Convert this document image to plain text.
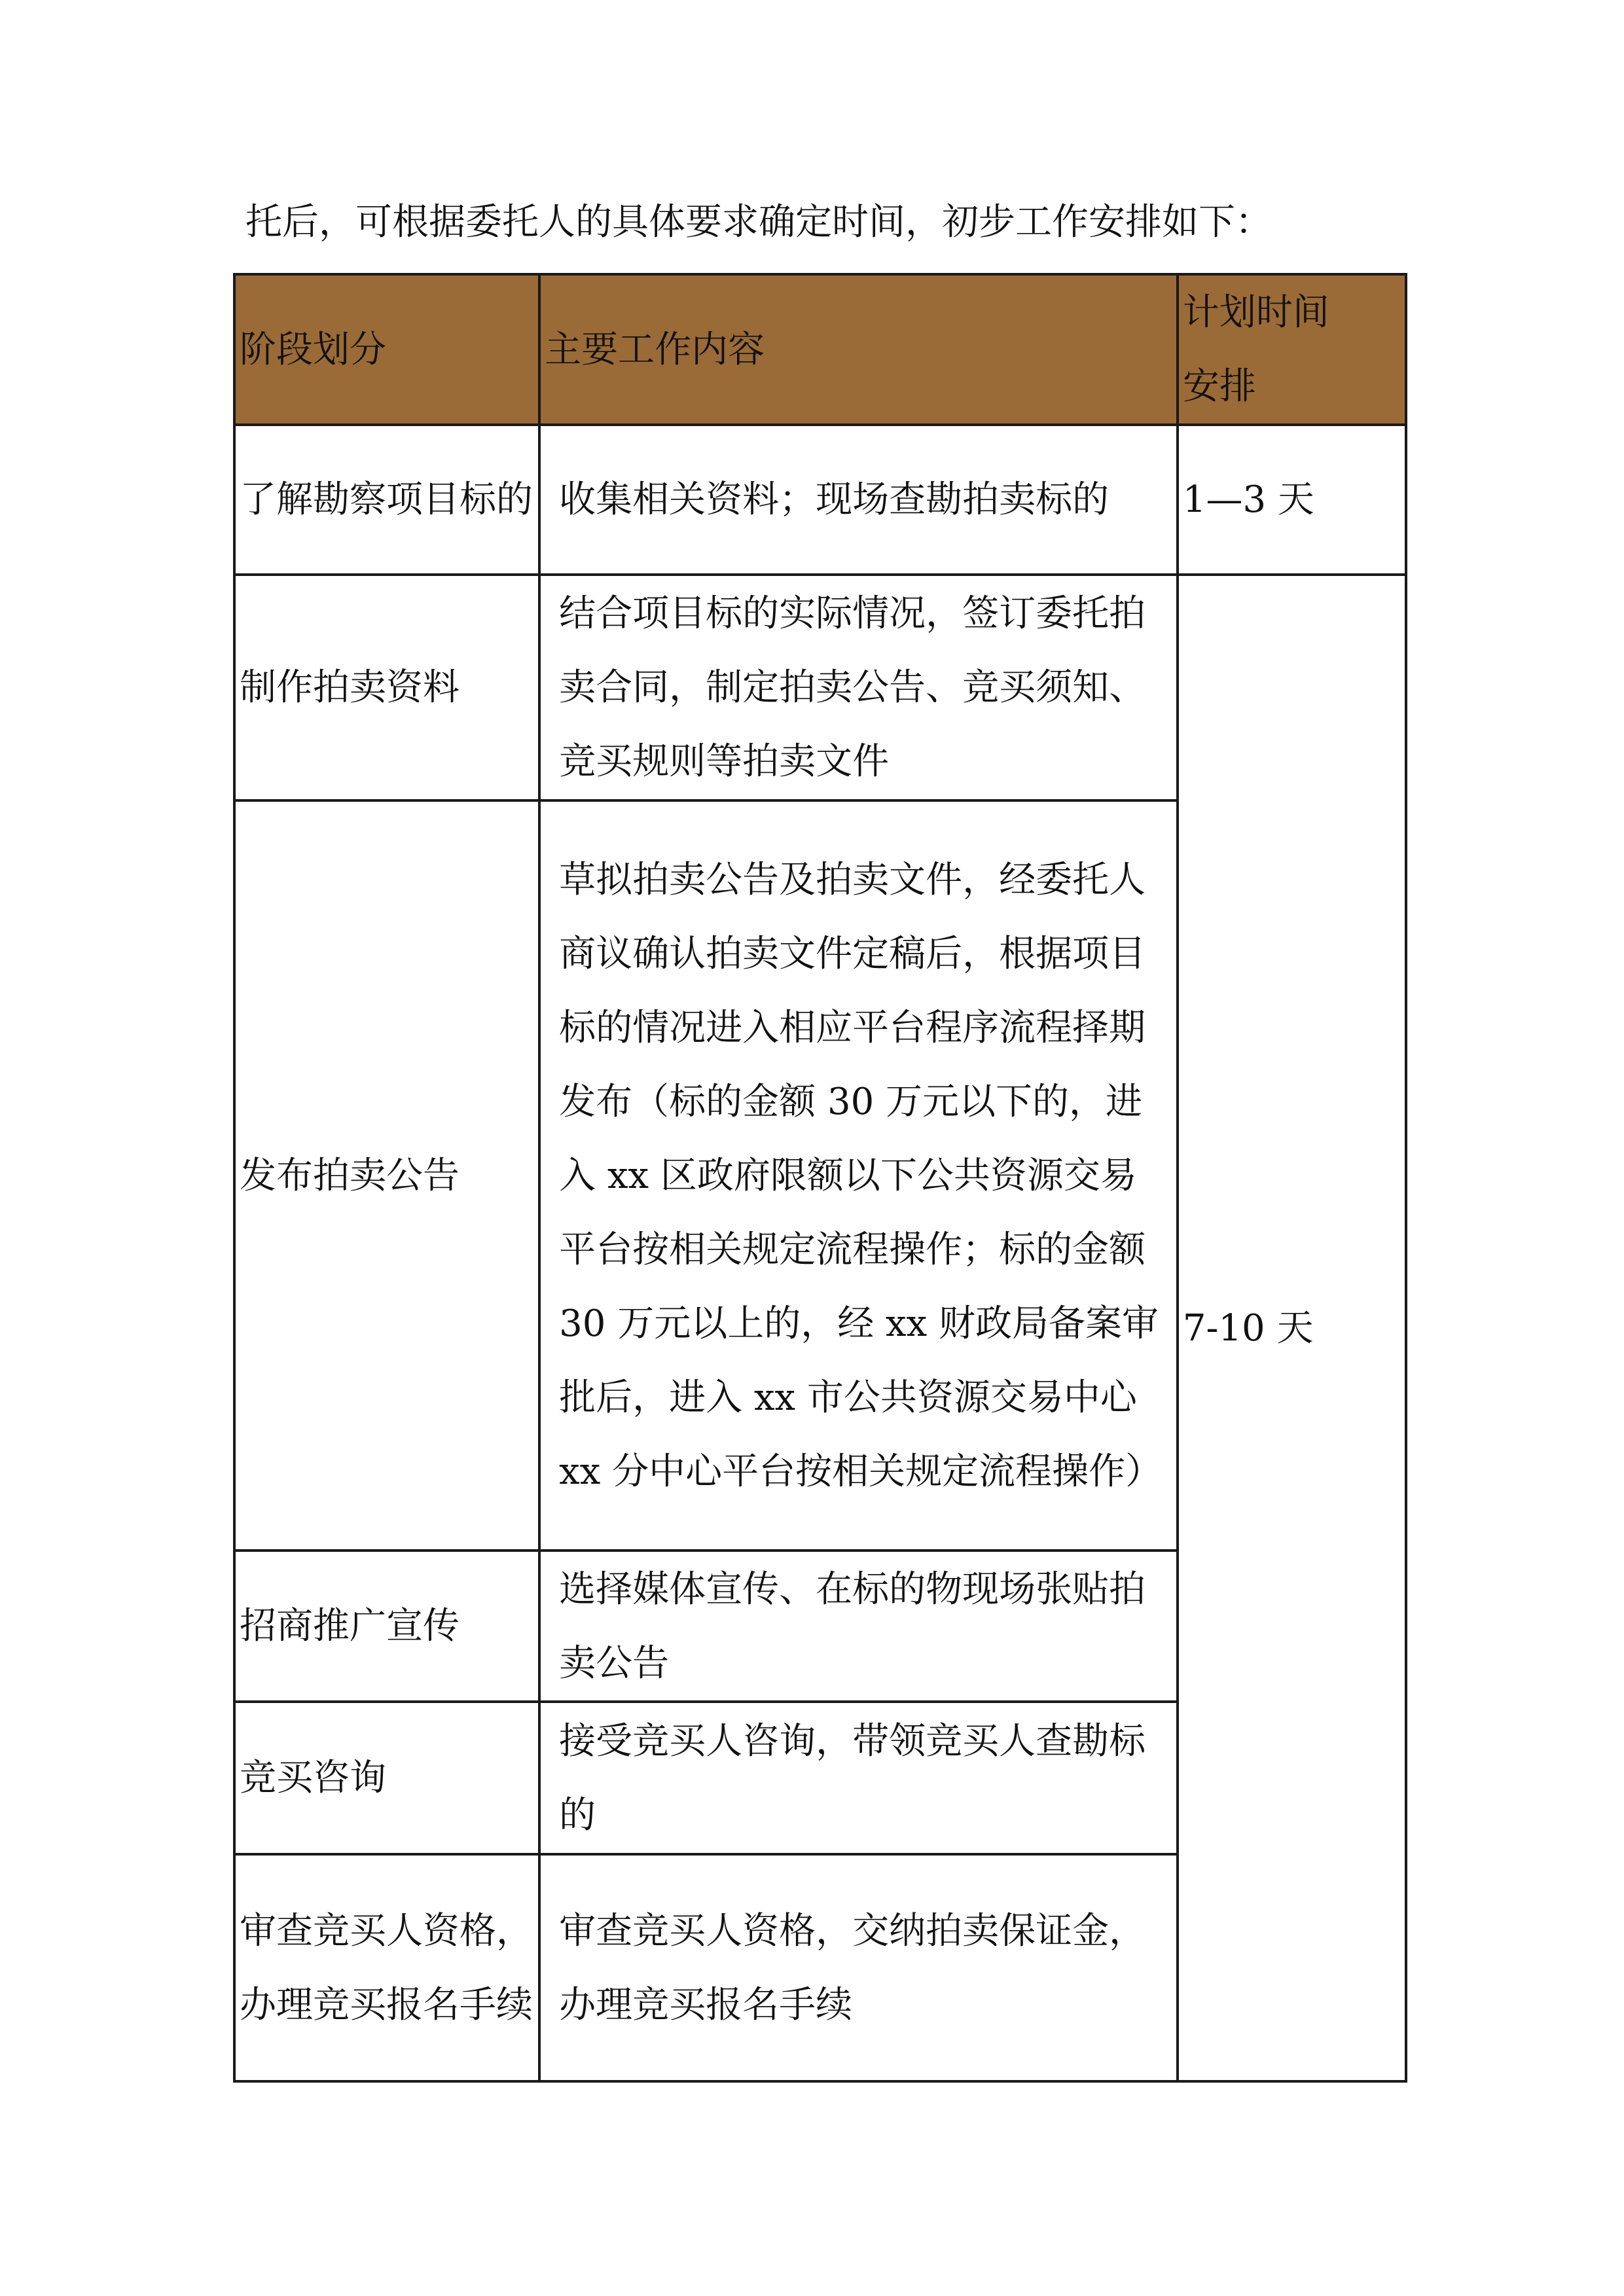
托后，可根据委托人的具体要求确定时间，初步工作安排如下：
阶段划分	主要工作内容	计划时间
安排

了解勘察项目标的	收集相关资料；现场查勘拍卖标的	1—3 天
制作拍卖资料	结合项目标的实际情况，签订委托拍卖合同，制定拍卖公告、竞买须知、竞买规则等拍卖文件	7-10 天
发布拍卖公告	草拟拍卖公告及拍卖文件，经委托人商议确认拍卖文件定稿后，根据项目标的情况进入相应平台程序流程择期发布（标的金额 30 万元以下的，进入 xx 区政府限额以下公共资源交易平台按相关规定流程操作；标的金额 30 万元以上的，经 xx 财政局备案审批后，进入 xx 市公共资源交易中心 xx 分中心平台按相关规定流程操作）	
招商推广宣传	选择媒体宣传、在标的物现场张贴拍卖公告	
竞买咨询	接受竞买人咨询，带领竞买人查勘标的	
审查竞买人资格，办理竞买报名手续	审查竞买人资格，交纳拍卖保证金，办理竞买报名手续	
